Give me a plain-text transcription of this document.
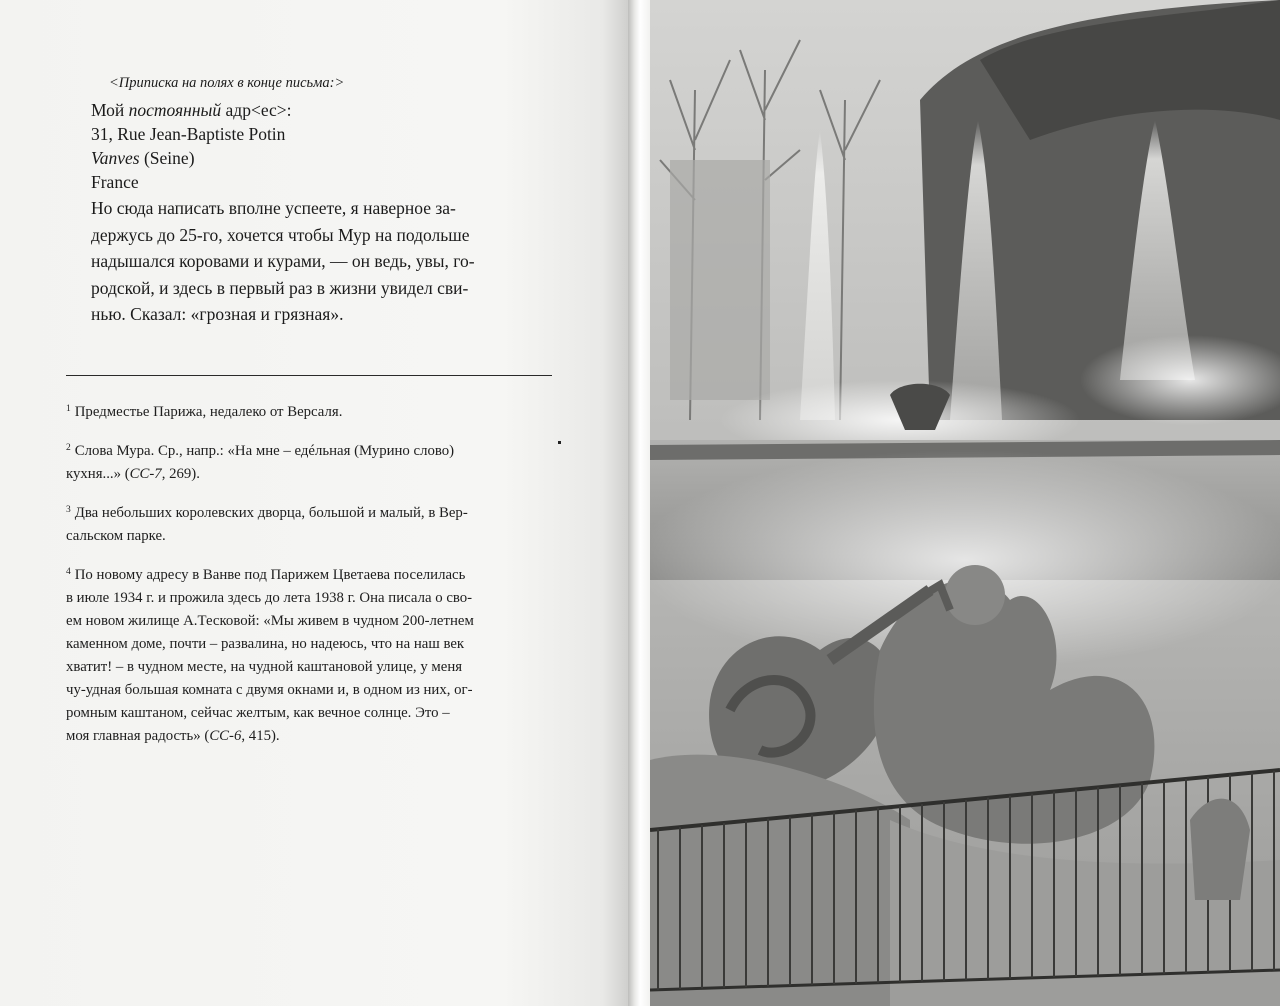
<Приписка на полях в конце письма:>
Мой постоянный адр<ес>:
31, Rue Jean-Baptiste Potin
Vanves (Seine)
France
Но сюда написать вполне успеете, я наверное за-
держусь до 25-го, хочется чтобы Мур на подольше
надышался коровами и курами, — он ведь, увы, го-
родской, и здесь в первый раз в жизни увидел сви-
нью. Сказал: «грозная и грязная».

$^1$ Предместье Парижа, недалеко от Версаля.

$^2$ Слова Мура. Ср., напр.: «На мне – едéльная (Мурино слово)
кухня...» (СС-7, 269).

$^3$ Два небольших королевских дворца, большой и малый, в Вер-
сальском парке.

$^4$ По новому адресу в Ванве под Парижем Цветаева поселилась
в июле 1934 г. и прожила здесь до лета 1938 г. Она писала о сво-
ем новом жилище А.Тесковой: «Мы живем в чудном 200-летнем
каменном доме, почти – развалина, но надеюсь, что на наш век
хватит! – в чудном месте, на чудной каштановой улице, у меня
чу-удная большая комната с двумя окнами и, в одном из них, ог-
ромным каштаном, сейчас желтым, как вечное солнце. Это –
моя главная радость» (СС-6, 415).
